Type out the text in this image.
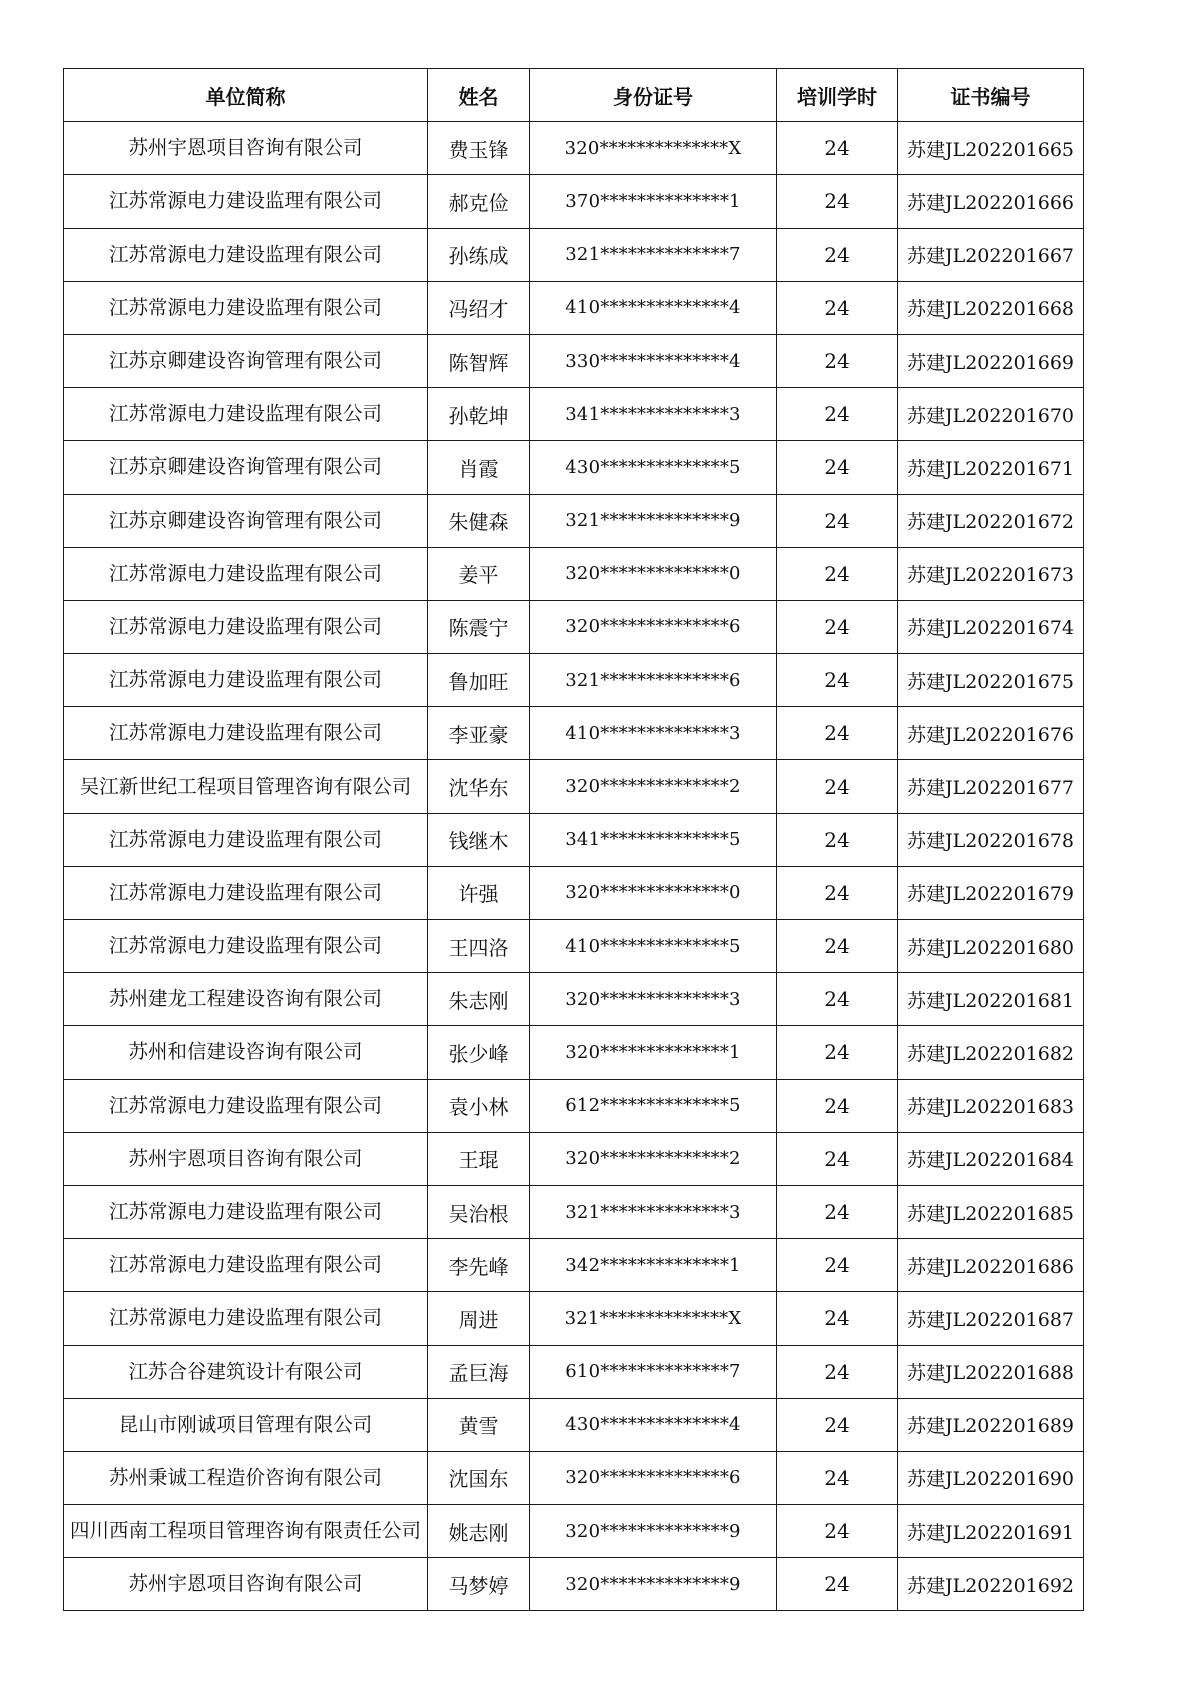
单位简称	姓名	身份证号	培训学时	证书编号
苏州宇恩项目咨询有限公司	费玉锋	320**************X	24	苏建JL202201665
江苏常源电力建设监理有限公司	郝克俭	370**************1	24	苏建JL202201666
江苏常源电力建设监理有限公司	孙练成	321**************7	24	苏建JL202201667
江苏常源电力建设监理有限公司	冯绍才	410**************4	24	苏建JL202201668
江苏京卿建设咨询管理有限公司	陈智辉	330**************4	24	苏建JL202201669
江苏常源电力建设监理有限公司	孙乾坤	341**************3	24	苏建JL202201670
江苏京卿建设咨询管理有限公司	肖霞	430**************5	24	苏建JL202201671
江苏京卿建设咨询管理有限公司	朱健森	321**************9	24	苏建JL202201672
江苏常源电力建设监理有限公司	姜平	320**************0	24	苏建JL202201673
江苏常源电力建设监理有限公司	陈震宁	320**************6	24	苏建JL202201674
江苏常源电力建设监理有限公司	鲁加旺	321**************6	24	苏建JL202201675
江苏常源电力建设监理有限公司	李亚豪	410**************3	24	苏建JL202201676
吴江新世纪工程项目管理咨询有限公司	沈华东	320**************2	24	苏建JL202201677
江苏常源电力建设监理有限公司	钱继木	341**************5	24	苏建JL202201678
江苏常源电力建设监理有限公司	许强	320**************0	24	苏建JL202201679
江苏常源电力建设监理有限公司	王四洛	410**************5	24	苏建JL202201680
苏州建龙工程建设咨询有限公司	朱志刚	320**************3	24	苏建JL202201681
苏州和信建设咨询有限公司	张少峰	320**************1	24	苏建JL202201682
江苏常源电力建设监理有限公司	袁小林	612**************5	24	苏建JL202201683
苏州宇恩项目咨询有限公司	王琨	320**************2	24	苏建JL202201684
江苏常源电力建设监理有限公司	吴治根	321**************3	24	苏建JL202201685
江苏常源电力建设监理有限公司	李先峰	342**************1	24	苏建JL202201686
江苏常源电力建设监理有限公司	周进	321**************X	24	苏建JL202201687
江苏合谷建筑设计有限公司	孟巨海	610**************7	24	苏建JL202201688
昆山市刚诚项目管理有限公司	黄雪	430**************4	24	苏建JL202201689
苏州秉诚工程造价咨询有限公司	沈国东	320**************6	24	苏建JL202201690
四川西南工程项目管理咨询有限责任公司	姚志刚	320**************9	24	苏建JL202201691
苏州宇恩项目咨询有限公司	马梦婷	320**************9	24	苏建JL202201692
